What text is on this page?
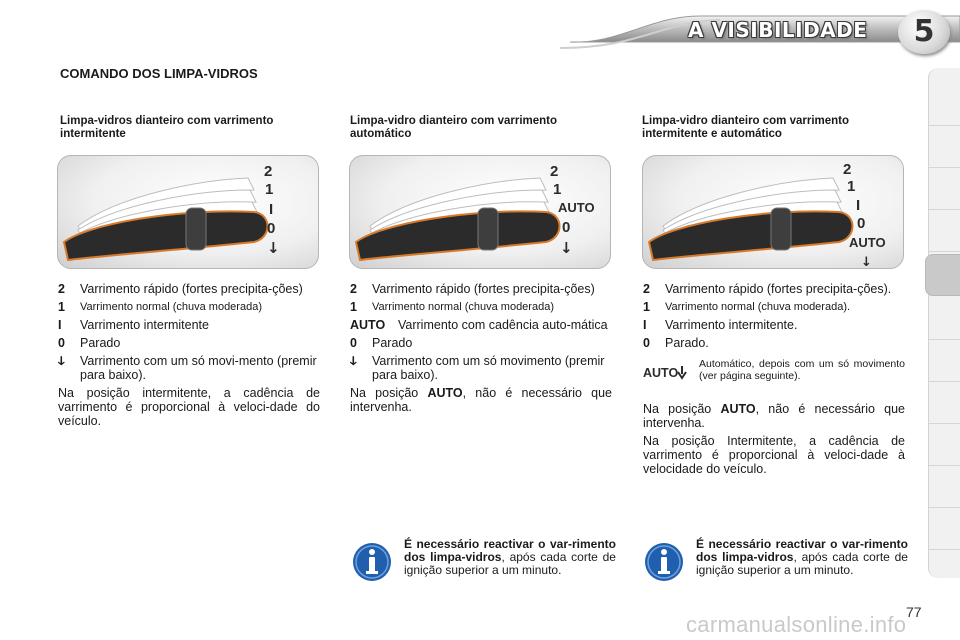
A VISIBILIDADE	5
COMANDO DOS LIMPA-VIDROS
Limpa-vidros dianteiro com varrimento intermitente
Limpa-vidro dianteiro com varrimento automático
Limpa-vidro dianteiro com varrimento intermitente e automático
2
1
I
0
↓
2
1
AUTO
0
↓
2
1
I
0
AUTO
↓
2 Varrimento rápido (fortes precipita-ções)
1 Varrimento normal (chuva moderada)
I Varrimento intermitente
0 Parado
ↆ Varrimento com um só movi-mento (premir para baixo).
Na posição intermitente, a cadência de varrimento é proporcional à veloci-dade do veículo.
2 Varrimento rápido (fortes precipita-ções)
1 Varrimento normal (chuva moderada)
AUTO Varrimento com cadência auto-mática
0 Parado
ↆ Varrimento com um só movimento (premir para baixo).
Na posição AUTO, não é necessário que intervenha.
2 Varrimento rápido (fortes precipita-ções).
1 Varrimento normal (chuva moderada).
I Varrimento intermitente.
0 Parado.
AUTO
Automático, depois com um só movimento (ver página seguinte).
Na posição AUTO, não é necessário que intervenha.
Na posição Intermitente, a cadência de varrimento é proporcional à veloci-dade à velocidade do veículo.
É necessário reactivar o var-rimento dos limpa-vidros, após cada corte de ignição superior a um minuto.
É necessário reactivar o var-rimento dos limpa-vidros, após cada corte de ignição superior a um minuto.
77
carmanualsonline.info
